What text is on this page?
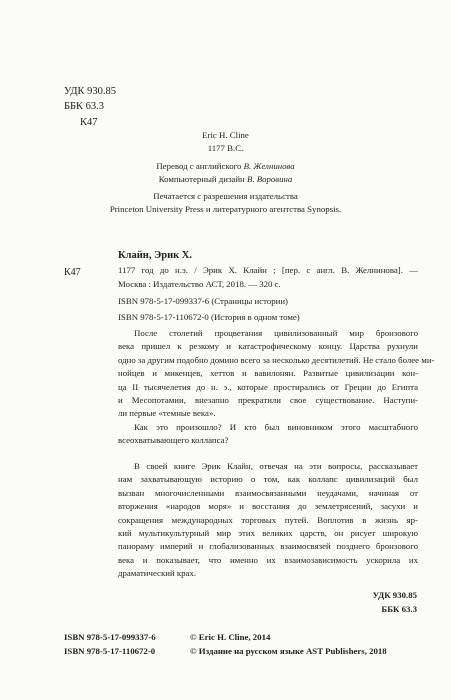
УДК 930.85
ББК 63.3
К47
Eric H. Cline
1177 B.C.
Перевод с английского В. Желнинова
Компьютерный дизайн В. Воровина
Печатается с разрешения издательства
Princeton University Press и литературного агентства Synopsis.
Клайн, Эрик Х.
К47	1177 год до н.э. / Эрик Х. Клайн ; [пер. с англ. В. Желнинова]. —
Москва : Издательство АСТ, 2018. — 320 с.
ISBN 978-5-17-099337-6 (Страницы истории)
ISBN 978-5-17-110672-0 (История в одном томе)
После столетий процветания цивилизованный мир бронзового
века пришел к резкому и катастрофическому концу. Царства рухнули
одно за другим подобно домино всего за несколько десятилетий. Не стало более ми-
нойцев и микенцев, хеттов и вавилонян. Развитые цивилизации кон-
ца II тысячелетия до н. э., которые простирались от Греции до Египта
и Месопотамии, внезапно прекратили свое существование. Наступи-
ли первые «темные века».
Как это произошло? И кто был виновником этого масштабного
всеохватывающего коллапса?
В своей книге Эрик Клайн, отвечая на эти вопросы, рассказывает
нам захватывающую историю о том, как коллапс цивилизаций был
вызван многочисленными взаимосвязанными неудачами, начиная от
вторжения «народов моря» и восстания до землетрясений, засухи и
сокращения международных торговых путей. Воплотив в жизнь яр-
кий мультикультурный мир этих великих царств, он рисует широкую
панораму империй и глобализованных взаимосвязей позднего бронзового
века и показывает, что именно их взаимозависимость ускорила их
драматический крах.
УДК 930.85
ББК 63.3
ISBN 978-5-17-099337-6
ISBN 978-5-17-110672-0
© Eric H. Cline, 2014
© Издание на русском языке AST Publishers, 2018
